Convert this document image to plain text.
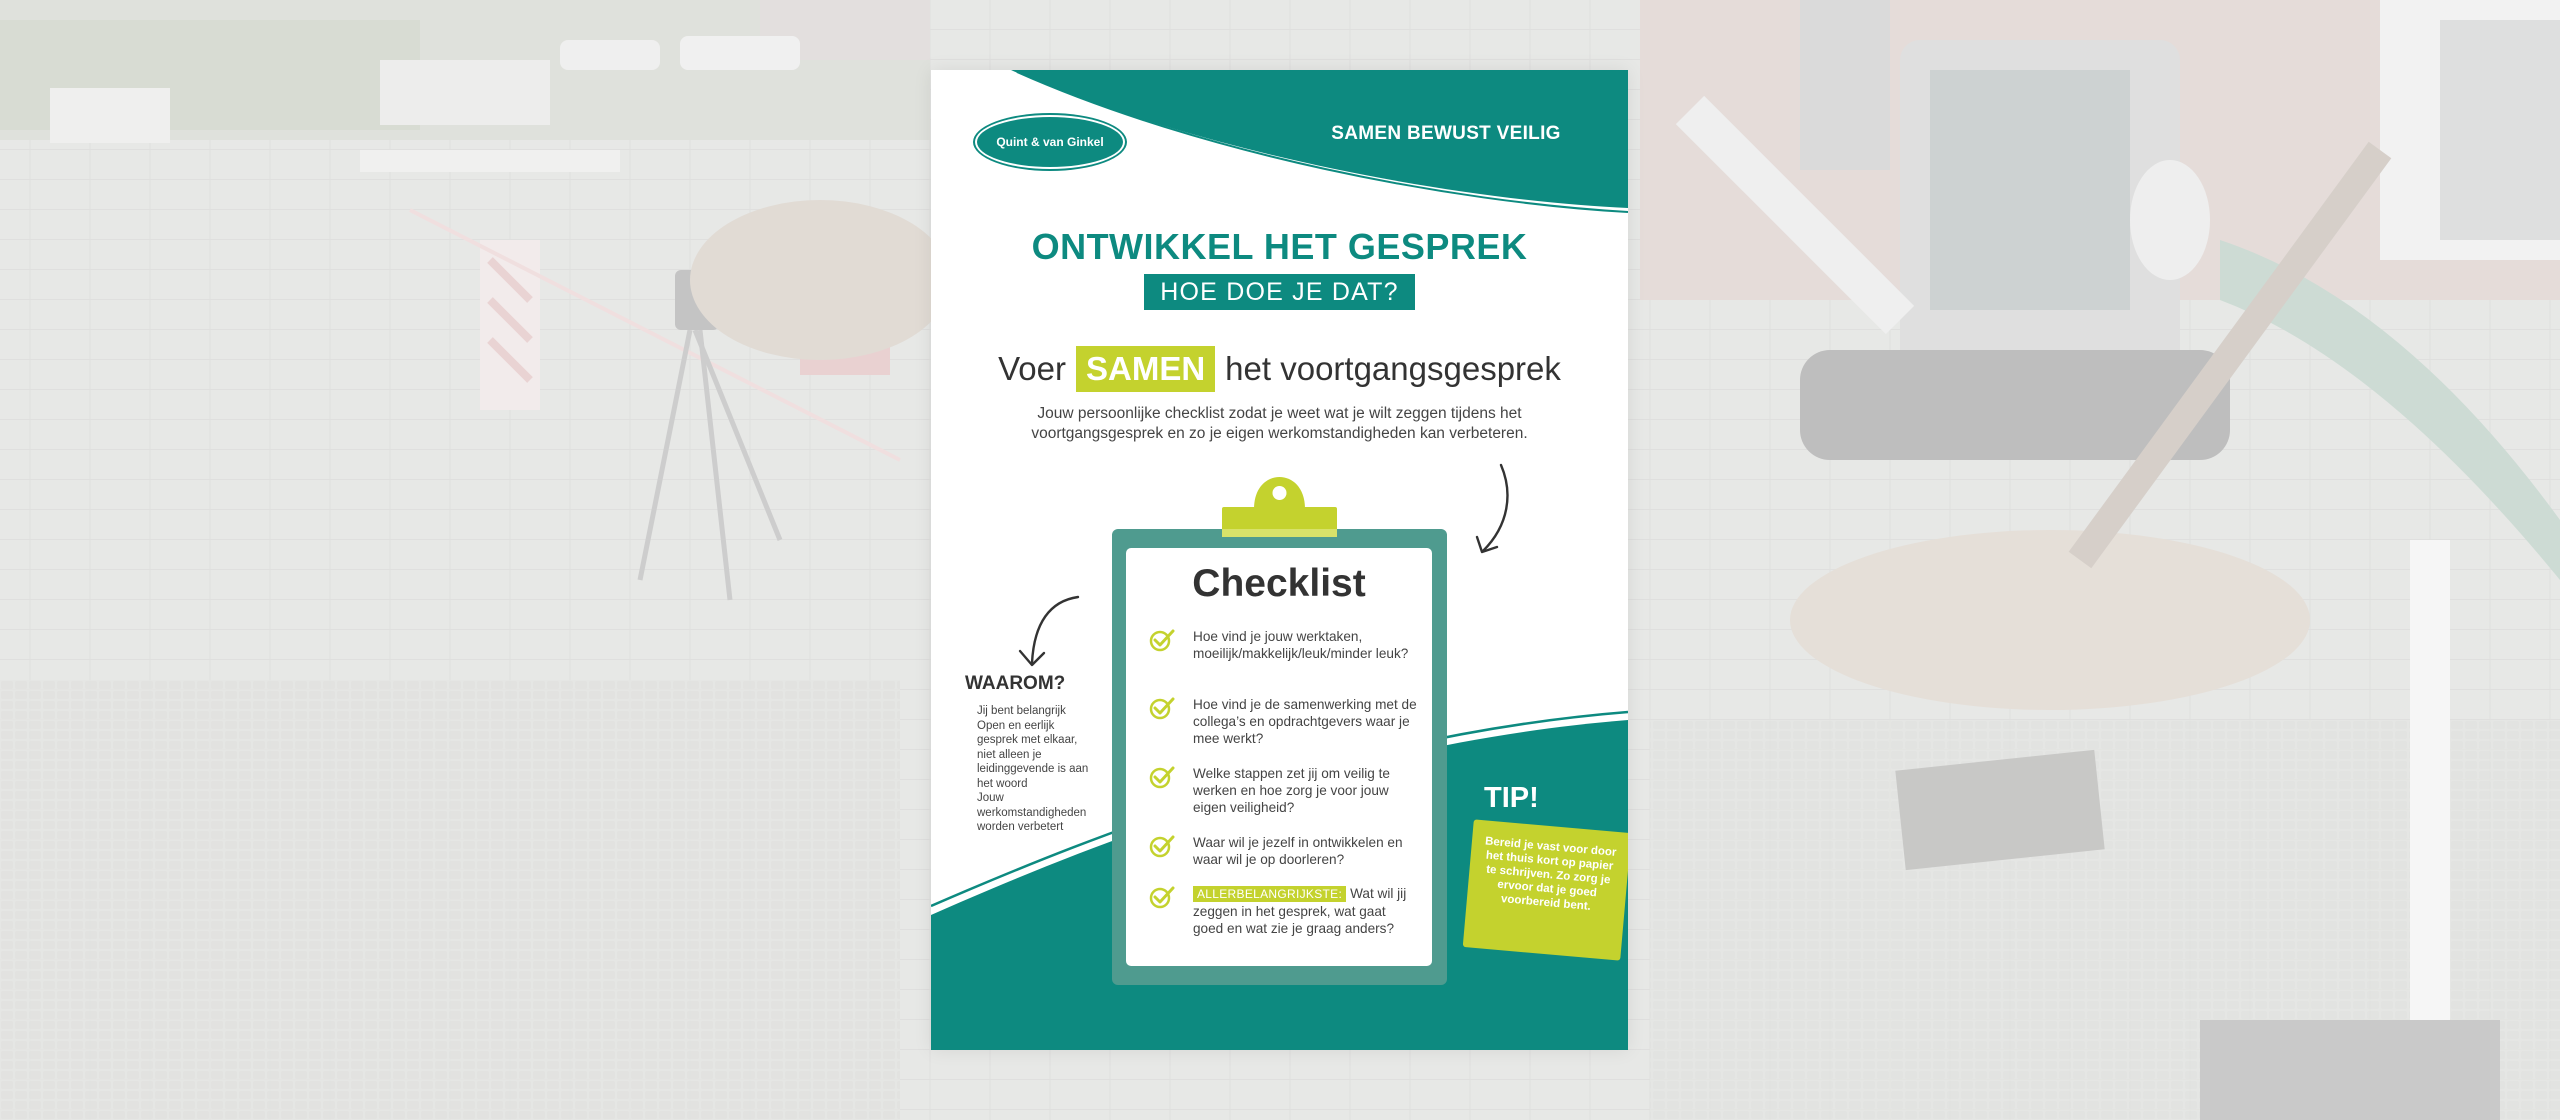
Quint & van Ginkel	SAMEN BEWUST VEILIG
ONTWIKKEL HET GESPREK
HOE DOE JE DAT?
Voer SAMEN het voortgangsgesprek
Jouw persoonlijke checklist zodat je weet wat je wilt zeggen tijdens het voortgangsgesprek en zo je eigen werkomstandigheden kan verbeteren.
WAAROM?
Jij bent belangrijk
Open en eerlijk gesprek met elkaar, niet alleen je leidinggevende is aan het woord
Jouw werkomstandigheden worden verbetert
Checklist
Hoe vind je jouw werktaken, moeilijk/makkelijk/leuk/minder leuk?
Hoe vind je de samenwerking met de collega’s en opdrachtgevers waar je mee werkt?
Welke stappen zet jij om veilig te werken en hoe zorg je voor jouw eigen veiligheid?
Waar wil je jezelf in ontwikkelen en waar wil je op doorleren?
ALLERBELANGRIJKSTE: Wat wil jij zeggen in het gesprek, wat gaat goed en wat zie je graag anders?
TIP!
Bereid je vast voor door het thuis kort op papier te schrijven. Zo zorg je ervoor dat je goed voorbereid bent.
